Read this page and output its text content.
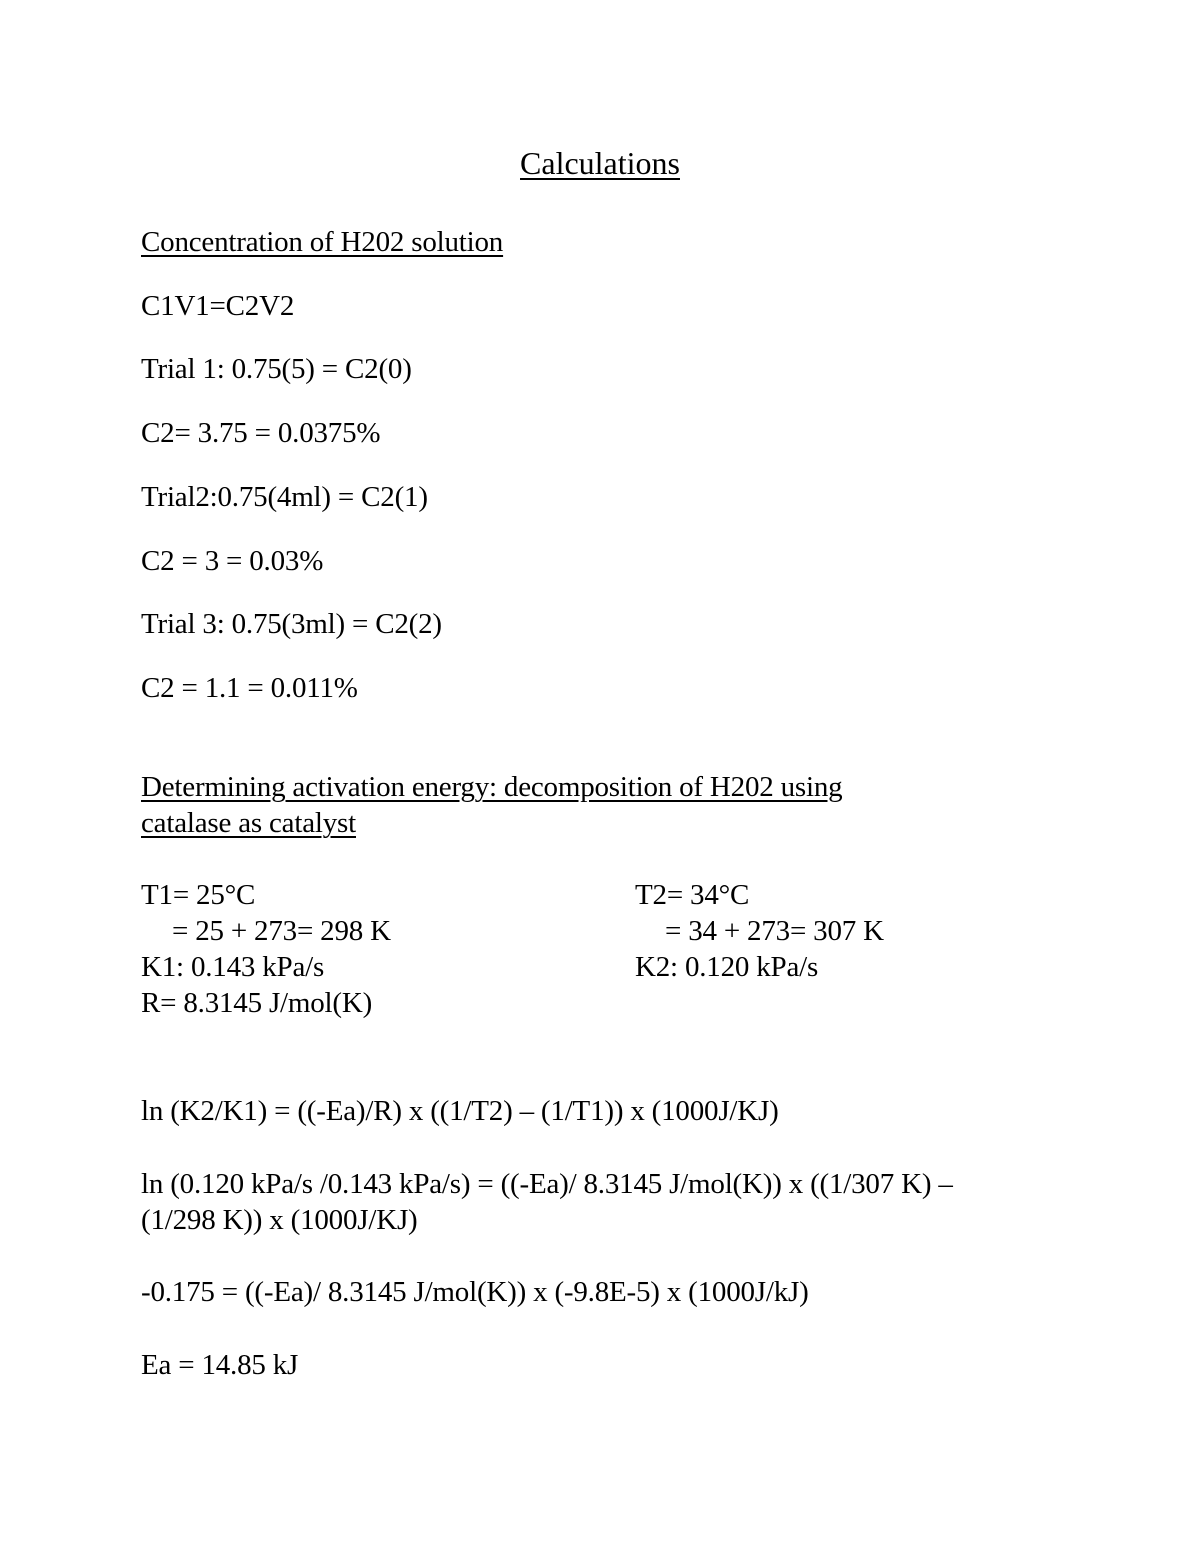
Calculations
Concentration of H202 solution
C1V1=C2V2
Trial 1: 0.75(5) = C2(0)
C2= 3.75 = 0.0375%
Trial2:0.75(4ml) = C2(1)
C2 = 3 = 0.03%
Trial 3: 0.75(3ml) = C2(2)
C2 = 1.1 = 0.011%
Determining activation energy: decomposition of H202 using
catalase as catalyst
T1= 25°C
= 25 + 273= 298 K
K1: 0.143 kPa/s
R= 8.3145 J/mol(K)
T2= 34°C
= 34 + 273= 307 K
K2: 0.120 kPa/s
ln (K2/K1) = ((-Ea)/R) x ((1/T2) – (1/T1)) x (1000J/KJ)
ln (0.120 kPa/s /0.143 kPa/s) = ((-Ea)/ 8.3145 J/mol(K)) x ((1/307 K) –
(1/298 K)) x (1000J/KJ)
-0.175 = ((-Ea)/ 8.3145 J/mol(K)) x (-9.8E-5) x (1000J/kJ)
Ea = 14.85 kJ
